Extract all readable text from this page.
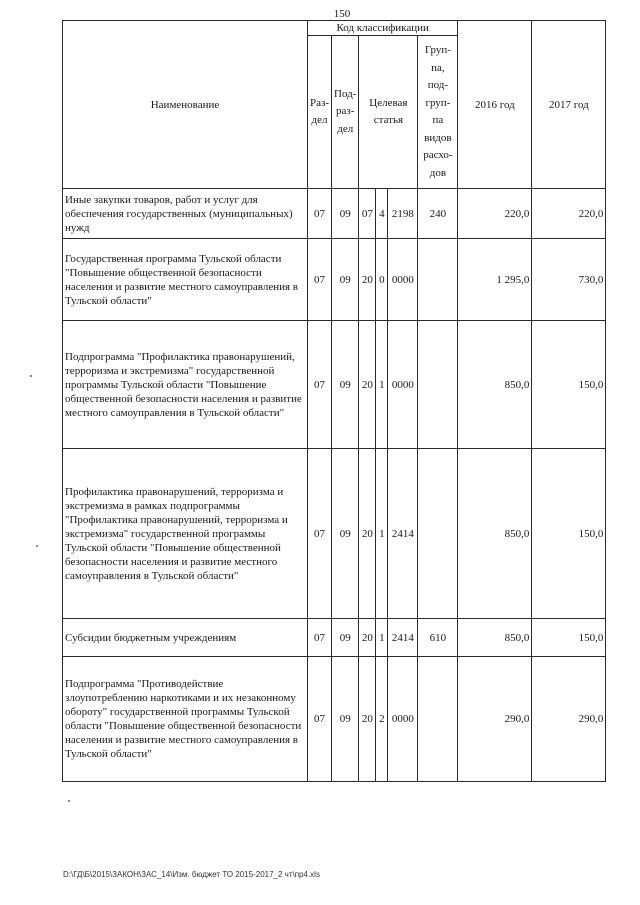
150
Наименование	Код классификации						2016 год	2017 год
	Раз-дел	Под-раз-дел	Целевая статья			Груп-па, под-груп-па видов расхо-дов		
Иные закупки товаров, работ и услуг для обеспечения государственных (муниципальных) нужд	07	09	07	4	2198	240	220,0	220,0
Государственная программа Тульской области "Повышение общественной безопасности населения и развитие местного самоуправления в Тульской области"	07	09	20	0	0000		1 295,0	730,0
Подпрограмма "Профилактика правонарушений, терроризма и экстремизма" государственной программы Тульской области "Повышение общественной безопасности населения и развитие местного самоуправления в Тульской области"	07	09	20	1	0000		850,0	150,0
Профилактика правонарушений, терроризма и экстремизма в рамках подпрограммы "Профилактика правонарушений, терроризма и экстремизма" государственной программы Тульской области "Повышение общественной безопасности населения и развитие местного самоуправления в Тульской области"	07	09	20	1	2414		850,0	150,0
Субсидии бюджетным учреждениям	07	09	20	1	2414	610	850,0	150,0
Подпрограмма "Противодействие злоупотреблению наркотиками и их незаконному обороту" государственной программы Тульской области "Повышение общественной безопасности населения и развитие местного самоуправления в Тульской области"	07	09	20	2	0000		290,0	290,0
D:\ГД\Б\2015\ЗАКОН\ЗАС_14\Изм. бюджет ТО 2015-2017_2 чт\пр4.xls
